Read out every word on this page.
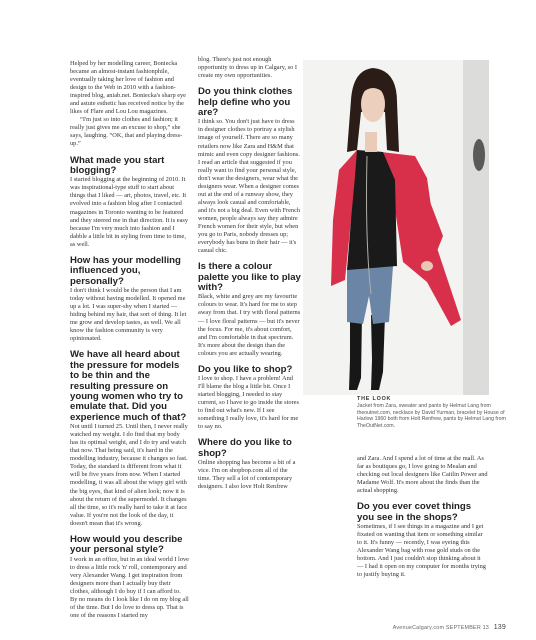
Helped by her modelling career, Boniecka became an almost-instant fashionphile, eventually taking her love of fashion and design to the Web in 2010 with a fashion-inspired blog, aniab.net. Boniecka's sharp eye and astute esthetic has received notice by the likes of Flare and Lou Lou magazines.

“I'm just so into clothes and fashion; it really just gives me an excuse to shop,” she says, laughing. “OK, that and playing dress-up.”

What made you start blogging?

I started blogging at the beginning of 2010. It was inspirational-type stuff to start about things that I liked — art, photos, travel, etc. It evolved into a fashion blog after I contacted magazines in Toronto wanting to be featured and they steered me in that direction. It is easy because I'm very much into fashion and I dabble a little bit in styling from time to time, as well.

How has your modelling influenced you, personally?

I don't think I would be the person that I am today without having modelled. It opened me up a lot. I was super-shy when I started — hiding behind my hair, that sort of thing. It let me grow and develop tastes, as well. We all know the fashion community is very opinionated.

We have all heard about the pressure for models to be thin and the resulting pressure on young women who try to emulate that. Did you experience much of that?

Not until I turned 25. Until then, I never really watched my weight. I do find that my body has its optimal weight, and I do try and watch that now. That being said, it's hard in the modelling industry, because it changes so fast. Today, the standard is different from what it will be five years from now. When I started modelling, it was all about the wispy girl with the big eyes, that kind of alien look; now it is about the return of the supermodel. It changes all the time, so it's really hard to take it at face value. If you're not the look of the day, it doesn't mean that it's wrong.

How would you describe your personal style?

I work in an office, but in an ideal world I love to dress a little rock 'n' roll, contemporary and very Alexander Wang. I get inspiration from designers more than I actually buy their clothes, although I do buy if I can afford to. By no means do I look like I do on my blog all of the time. But I do love to dress up. That is one of the reasons I started my

blog. There's just not enough opportunity to dress up in Calgary, so I create my own opportunities.

Do you think clothes help define who you are?

I think so. You don't just have to dress in designer clothes to portray a stylish image of yourself. There are so many retailers now like Zara and H&M that mimic and even copy designer fashions. I read an article that suggested if you really want to find your personal style, don't wear the designers, wear what the designers wear. When a designer comes out at the end of a runway show, they always look casual and comfortable, and it's not a big deal. Even with French women, people always say they admire French women for their style, but when you go to Paris, nobody dresses up; everybody has buns in their hair — it's casual chic.

Is there a colour palette you like to play with?

Black, white and grey are my favourite colours to wear. It's hard for me to step away from that. I try with floral patterns — I love floral patterns — but it's never the focus. For me, it's about comfort, and I'm comfortable in that spectrum. It's more about the design than the colours you are actually wearing.

Do you like to shop?

I love to shop. I have a problem! And I'll blame the blog a little bit. Once I started blogging, I needed to stay current, so I have to go inside the stores to find out what's new. If I see something I really love, it's hard for me to say no.

Where do you like to shop?

Online shopping has become a bit of a vice. I'm on shopbop.com all of the time. They sell a lot of contemporary designers. I also love Holt Renfrew

THE LOOK
Jacket from Zara, sweater and pants by Helmut Lang from theoutnet.com, necklace by David Yurman, bracelet by House of Harlow 1960 both from Holt Renfrew, pants by Helmut Lang from TheOutNet.com.

and Zara. And I spend a lot of time at the mall. As far as boutiques go, I love going to Mealan and checking out local designers like Caitlin Power and Madame Wolf. It's more about the finds than the actual shopping.

Do you ever covet things you see in the shops?

Sometimes, if I see things in a magazine and I get fixated on wanting that item or something similar to it. It's funny — recently, I was eyeing this Alexander Wang bag with rose gold studs on the bottom. And I just couldn't stop thinking about it — I had it open on my computer for months trying to justify buying it.

AvenueCalgary.com SEPTEMBER 13 139
